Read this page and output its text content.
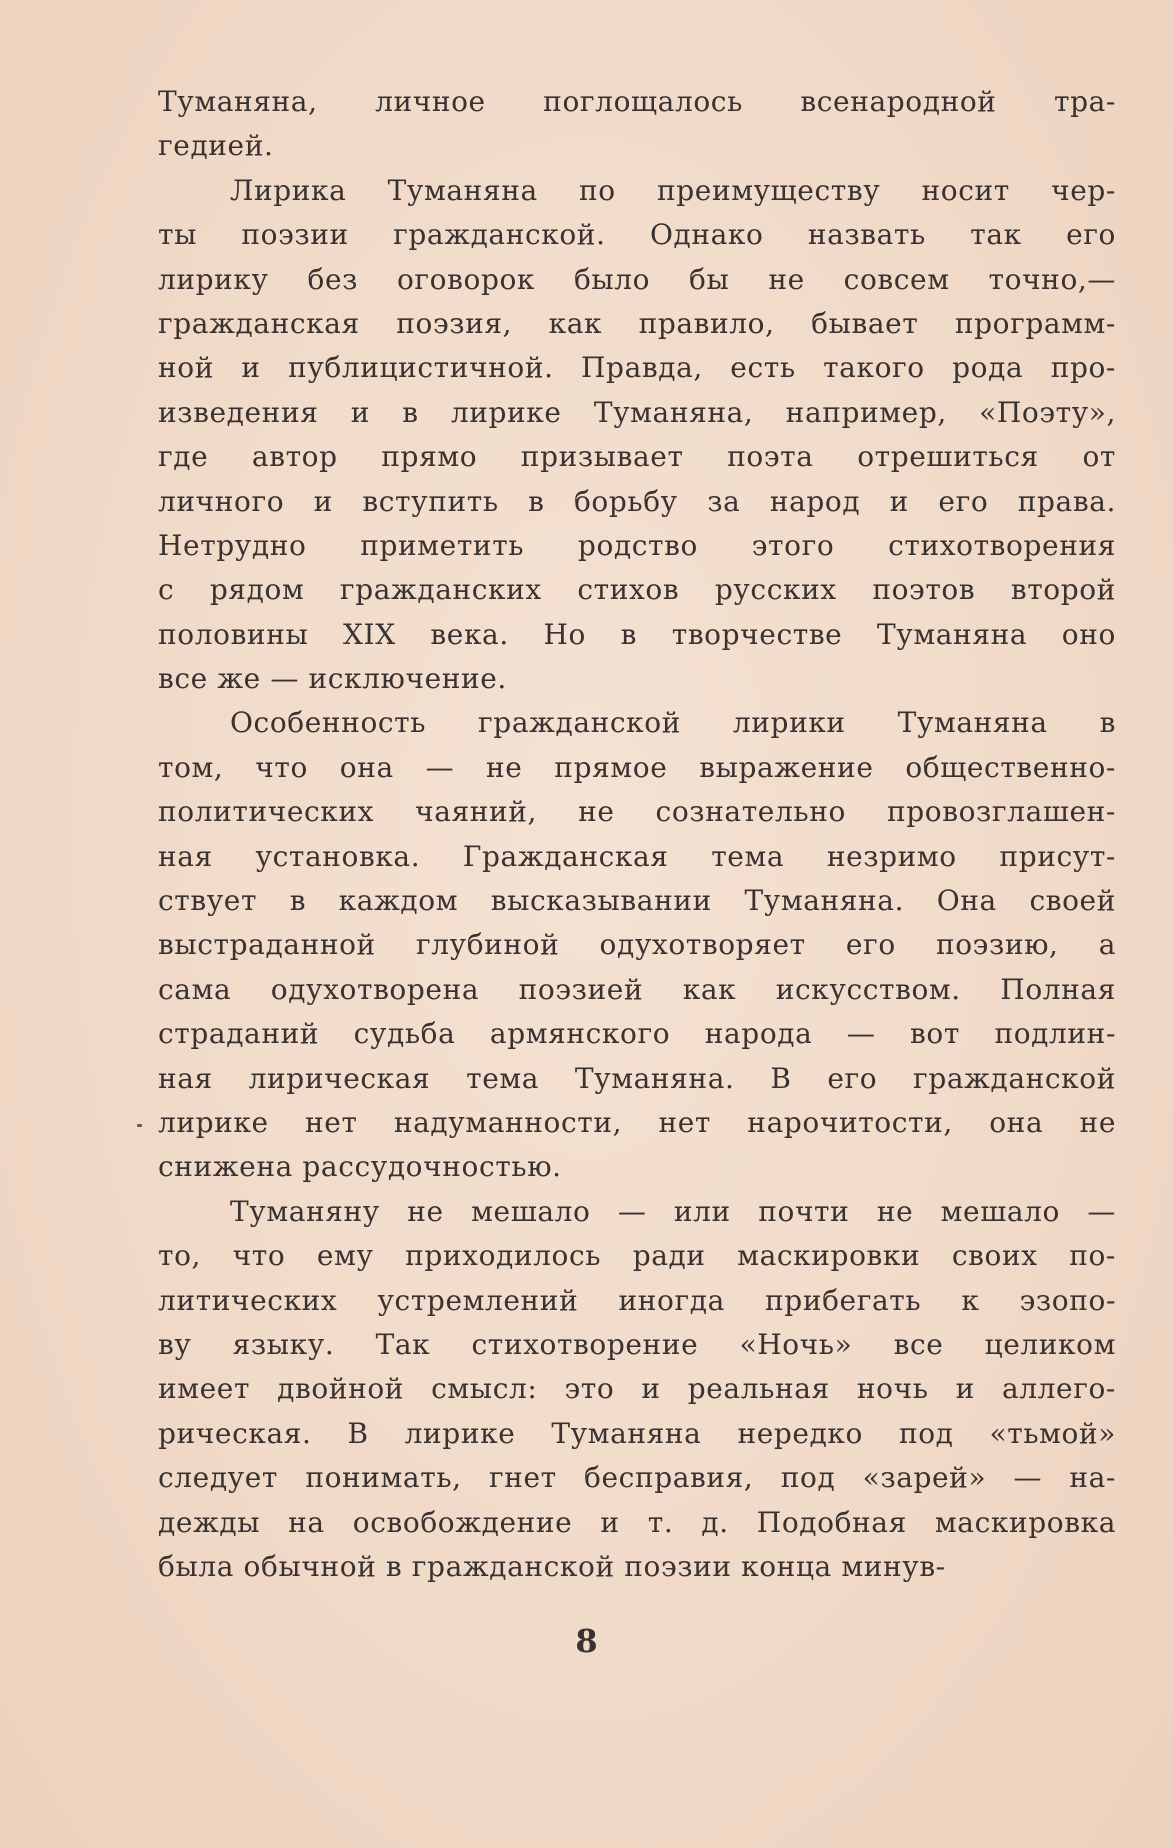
Туманяна, личное поглощалось всенародной тра-
гедией.
Лирика Туманяна по преимуществу носит чер-
ты поэзии гражданской. Однако назвать так его
лирику без оговорок было бы не совсем точно,—
гражданская поэзия, как правило, бывает программ-
ной и публицистичной. Правда, есть такого рода про-
изведения и в лирике Туманяна, например, «Поэту»,
где автор прямо призывает поэта отрешиться от
личного и вступить в борьбу за народ и его права.
Нетрудно приметить родство этого стихотворения
с рядом гражданских стихов русских поэтов второй
половины XIX века. Но в творчестве Туманяна оно
все же — исключение.
Особенность гражданской лирики Туманяна в
том, что она — не прямое выражение общественно-
политических чаяний, не сознательно провозглашен-
ная установка. Гражданская тема незримо присут-
ствует в каждом высказывании Туманяна. Она своей
выстраданной глубиной одухотворяет его поэзию, а
сама одухотворена поэзией как искусством. Полная
страданий судьба армянского народа — вот подлин-
ная лирическая тема Туманяна. В его гражданской
лирике нет надуманности, нет нарочитости, она не
снижена рассудочностью.
Туманяну не мешало — или почти не мешало —
то, что ему приходилось ради маскировки своих по-
литических устремлений иногда прибегать к эзопо-
ву языку. Так стихотворение «Ночь» все целиком
имеет двойной смысл: это и реальная ночь и аллего-
рическая. В лирике Туманяна нередко под «тьмой»
следует понимать, гнет бесправия, под «зарей» — на-
дежды на освобождение и т. д. Подобная маскировка
была обычной в гражданской поэзии конца минув-
8
